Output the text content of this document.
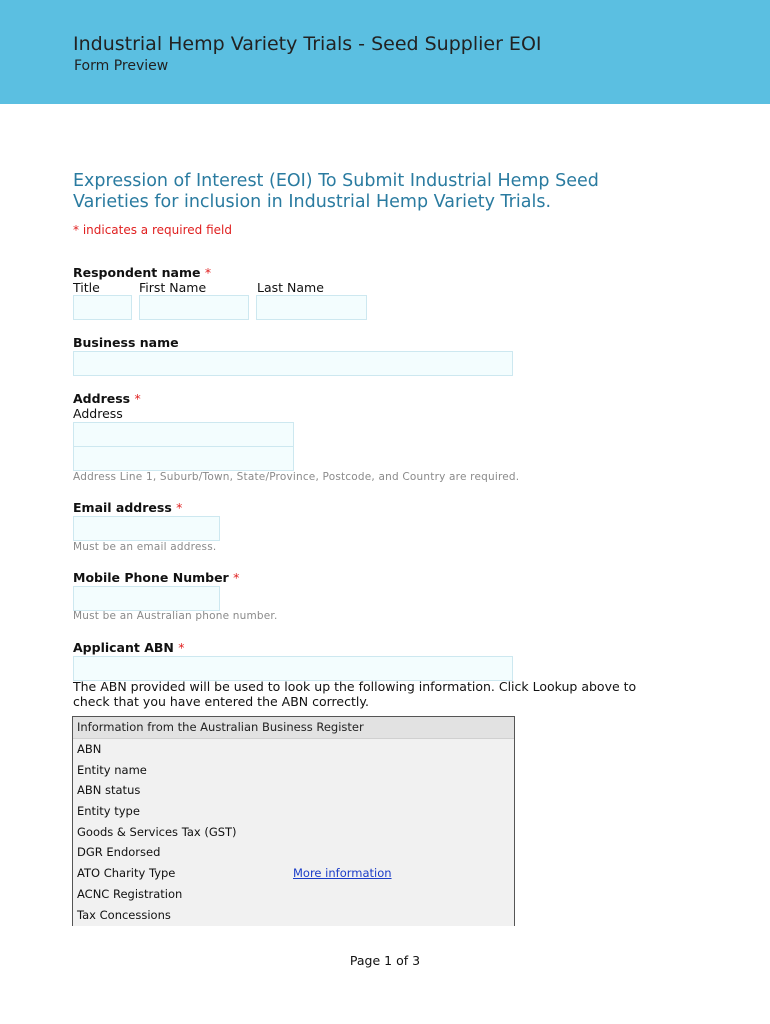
Industrial Hemp Variety Trials - Seed Supplier EOI
Form Preview
Expression of Interest (EOI) To Submit Industrial Hemp Seed Varieties for inclusion in Industrial Hemp Variety Trials.
* indicates a required field
Respondent name *
Title	First Name	Last Name
Business name
Address *
Address
Address Line 1, Suburb/Town, State/Province, Postcode, and Country are required.
Email address *
Must be an email address.
Mobile Phone Number *
Must be an Australian phone number.
Applicant ABN *
The ABN provided will be used to look up the following information. Click Lookup above to check that you have entered the ABN correctly.
Information from the Australian Business Register
ABN
Entity name
ABN status
Entity type
Goods & Services Tax (GST)
DGR Endorsed
ATO Charity Type	More information
ACNC Registration
Tax Concessions
Page 1 of 3
